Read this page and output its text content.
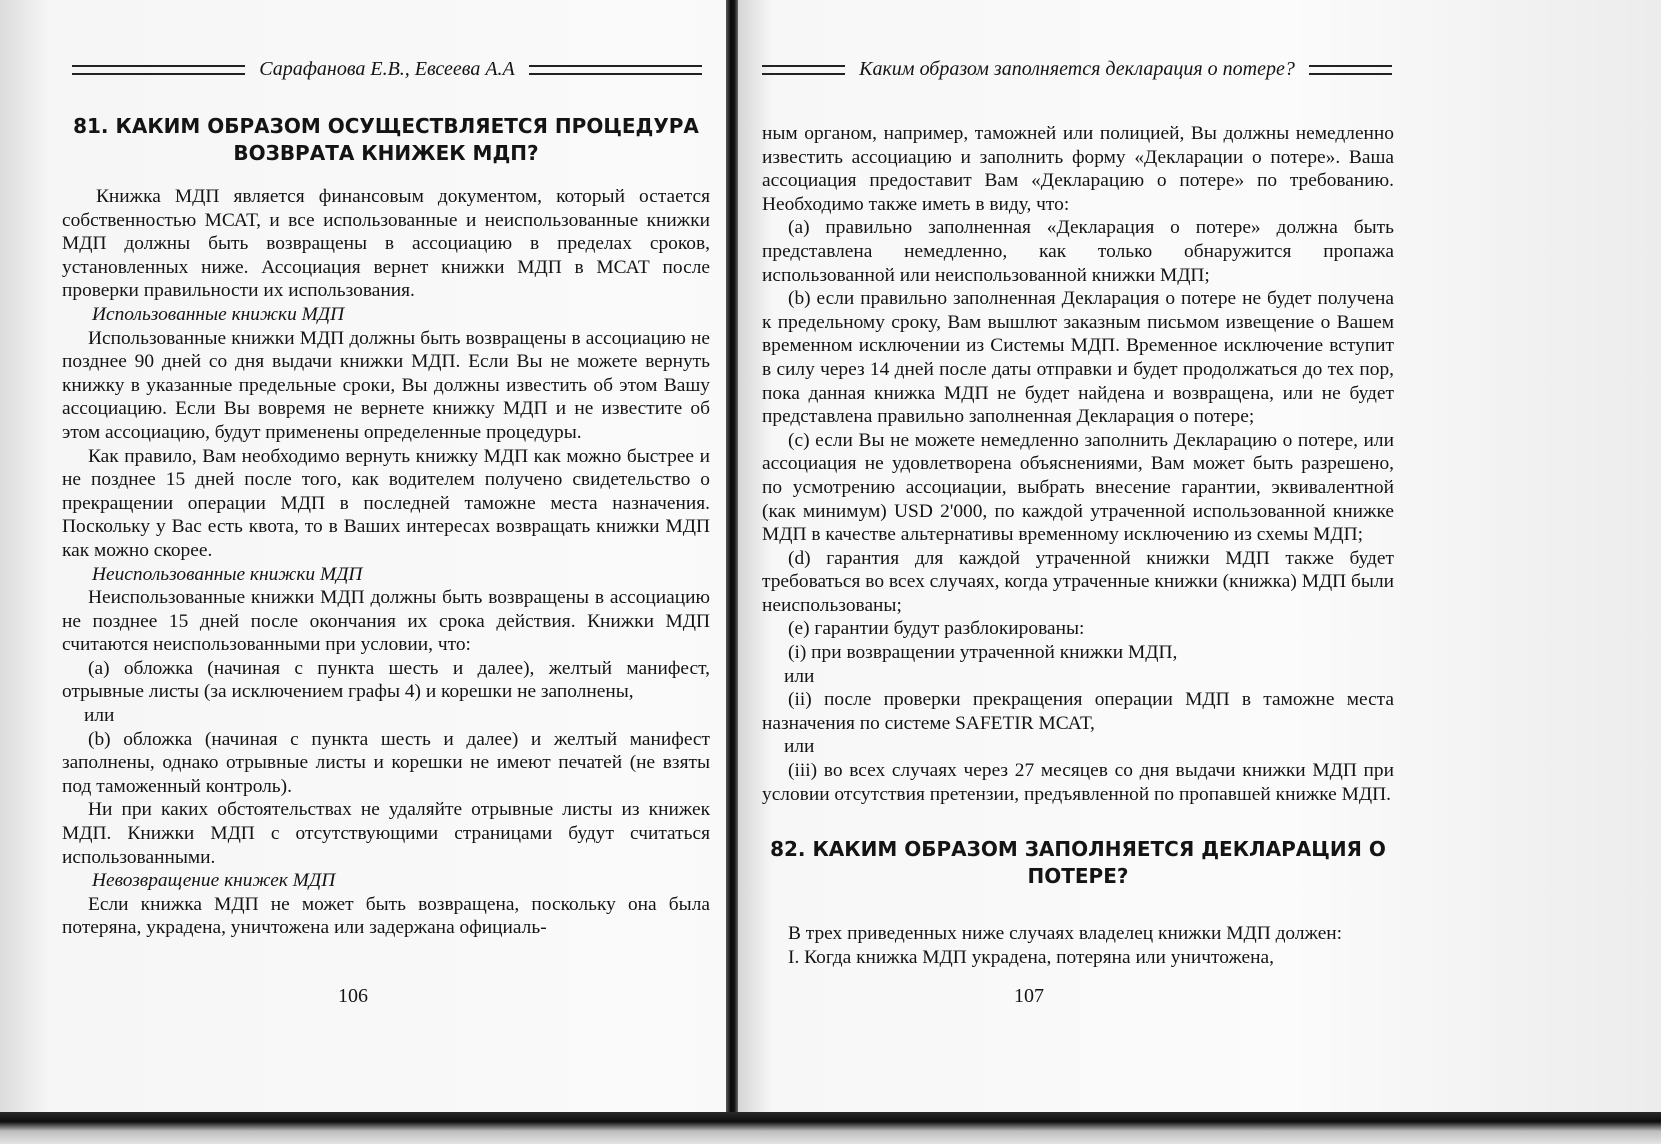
Сарафанова Е.В., Евсеева А.А
81. КАКИМ ОБРАЗОМ ОСУЩЕСТВЛЯЕТСЯ ПРОЦЕДУРА ВОЗВРАТА КНИЖЕК МДП?

Книжка МДП является финансовым документом, который остается собственностью МСАТ, и все использованные и неиспользованные книжки МДП должны быть возвращены в ассоциацию в пределах сроков, установленных ниже. Ассоциация вернет книжки МДП в МСАТ после проверки правильности их использования.

Использованные книжки МДП

Использованные книжки МДП должны быть возвращены в ассоциацию не позднее 90 дней со дня выдачи книжки МДП. Если Вы не можете вернуть книжку в указанные предельные сроки, Вы должны известить об этом Вашу ассоциацию. Если Вы вовремя не вернете книжку МДП и не известите об этом ассоциацию, будут применены определенные процедуры.

Как правило, Вам необходимо вернуть книжку МДП как можно быстрее и не позднее 15 дней после того, как водителем получено свидетельство о прекращении операции МДП в последней таможне места назначения. Поскольку у Вас есть квота, то в Ваших интересах возвращать книжки МДП как можно скорее.

Неиспользованные книжки МДП

Неиспользованные книжки МДП должны быть возвращены в ассоциацию не позднее 15 дней после окончания их срока действия. Книжки МДП считаются неиспользованными при условии, что:

(a) обложка (начиная с пункта шесть и далее), желтый манифест, отрывные листы (за исключением графы 4) и корешки не заполнены,

или

(b) обложка (начиная с пункта шесть и далее) и желтый манифест заполнены, однако отрывные листы и корешки не имеют печатей (не взяты под таможенный контроль).

Ни при каких обстоятельствах не удаляйте отрывные листы из книжек МДП. Книжки МДП с отсутствующими страницами будут считаться использованными.

Невозвращение книжек МДП

Если книжка МДП не может быть возвращена, поскольку она была потеряна, украдена, уничтожена или задержана официаль-

106
Каким образом заполняется декларация о потере?

ным органом, например, таможней или полицией, Вы должны немедленно известить ассоциацию и заполнить форму «Декларации о потере». Ваша ассоциация предоставит Вам «Декларацию о потере» по требованию. Необходимо также иметь в виду, что:

(a) правильно заполненная «Декларация о потере» должна быть представлена немедленно, как только обнаружится пропажа использованной или неиспользованной книжки МДП;

(b) если правильно заполненная Декларация о потере не будет получена к предельному сроку, Вам вышлют заказным письмом извещение о Вашем временном исключении из Системы МДП. Временное исключение вступит в силу через 14 дней после даты отправки и будет продолжаться до тех пор, пока данная книжка МДП не будет найдена и возвращена, или не будет представлена правильно заполненная Декларация о потере;

(c) если Вы не можете немедленно заполнить Декларацию о потере, или ассоциация не удовлетворена объяснениями, Вам может быть разрешено, по усмотрению ассоциации, выбрать внесение гарантии, эквивалентной (как минимум) USD 2'000, по каждой утраченной использованной книжке МДП в качестве альтернативы временному исключению из схемы МДП;

(d) гарантия для каждой утраченной книжки МДП также будет требоваться во всех случаях, когда утраченные книжки (книжка) МДП были неиспользованы;

(e) гарантии будут разблокированы:

(i) при возвращении утраченной книжки МДП,

или

(ii) после проверки прекращения операции МДП в таможне места назначения по системе SAFETIR МСАТ,

или

(iii) во всех случаях через 27 месяцев со дня выдачи книжки МДП при условии отсутствия претензии, предъявленной по пропавшей книжке МДП.

82. КАКИМ ОБРАЗОМ ЗАПОЛНЯЕТСЯ ДЕКЛАРАЦИЯ О ПОТЕРЕ?

В трех приведенных ниже случаях владелец книжки МДП должен:

I. Когда книжка МДП украдена, потеряна или уничтожена,

107
